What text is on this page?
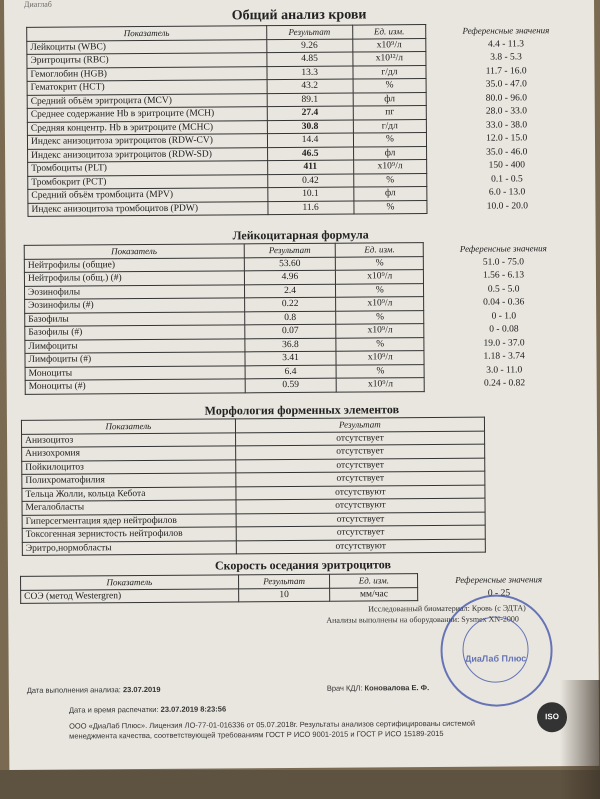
Диаглаб
Общий анализ крови
Показатель	Результат	Ед. изм.	Референсные значения
Лейкоциты (WBC)	9.26	x10⁹/л	4.4 - 11.3
Эритроциты (RBC)	4.85	x10¹²/л	3.8 - 5.3
Гемоглобин (HGB)	13.3	г/дл	11.7 - 16.0
Гематокрит (HCT)	43.2	%	35.0 - 47.0
Средний объём эритроцита (MCV)	89.1	фл	80.0 - 96.0
Среднее содержание Hb в эритроците (MCH)	27.4	пг	28.0 - 33.0
Средняя концентр. Hb в эритроците (MCHC)	30.8	г/дл	33.0 - 38.0
Индекс анизоцитоза эритроцитов (RDW-CV)	14.4	%	12.0 - 15.0
Индекс анизоцитоза эритроцитов (RDW-SD)	46.5	фл	35.0 - 46.0
Тромбоциты (PLT)	411	x10⁹/л	150 - 400
Тромбокрит (PCT)	0.42	%	0.1 - 0.5
Средний объём тромбоцита (MPV)	10.1	фл	6.0 - 13.0
Индекс анизоцитоза тромбоцитов (PDW)	11.6	%	10.0 - 20.0
Лейкоцитарная формула
Показатель	Результат	Ед. изм.	Референсные значения
Нейтрофилы (общие)	53.60	%	51.0 - 75.0
Нейтрофилы (общ.) (#)	4.96	x10⁹/л	1.56 - 6.13
Эозинофилы	2.4	%	0.5 - 5.0
Эозинофилы (#)	0.22	x10⁹/л	0.04 - 0.36
Базофилы	0.8	%	0 - 1.0
Базофилы (#)	0.07	x10⁹/л	0 - 0.08
Лимфоциты	36.8	%	19.0 - 37.0
Лимфоциты (#)	3.41	x10⁹/л	1.18 - 3.74
Моноциты	6.4	%	3.0 - 11.0
Моноциты (#)	0.59	x10⁹/л	0.24 - 0.82
Морфология форменных элементов
Показатель	Результат
Анизоцитоз	отсутствует
Анизохромия	отсутствует
Пойкилоцитоз	отсутствует
Полихроматофилия	отсутствует
Тельца Жолли, кольца Кебота	отсутствуют
Мегалобласты	отсутствуют
Гиперсегментация ядер нейтрофилов	отсутствует
Токсогенная зернистость нейтрофилов	отсутствует
Эритро,нормобласты	отсутствуют
Скорость оседания эритроцитов
Показатель	Результат	Ед. изм.	Референсные значения
СОЭ (метод Westergren)	10	мм/час	0 - 25
Исследованный биоматериал: Кровь (с ЭДТА)
Анализы выполнены на оборудовании: Sysmex XN-2000
ДиаЛаб Плюс
Дата выполнения анализа: 23.07.2019	Врач КДЛ: Коновалова Е. Ф.
Дата и время распечатки: 23.07.2019 8:23:56
ООО «ДиаЛаб Плюс». Лицензия ЛО-77-01-016336 от 05.07.2018г. Результаты анализов сертифицированы системой менеджмента качества, соответствующей требованиям ГОСТ Р ИСО 9001-2015 и ГОСТ Р ИСО 15189-2015
ISO
